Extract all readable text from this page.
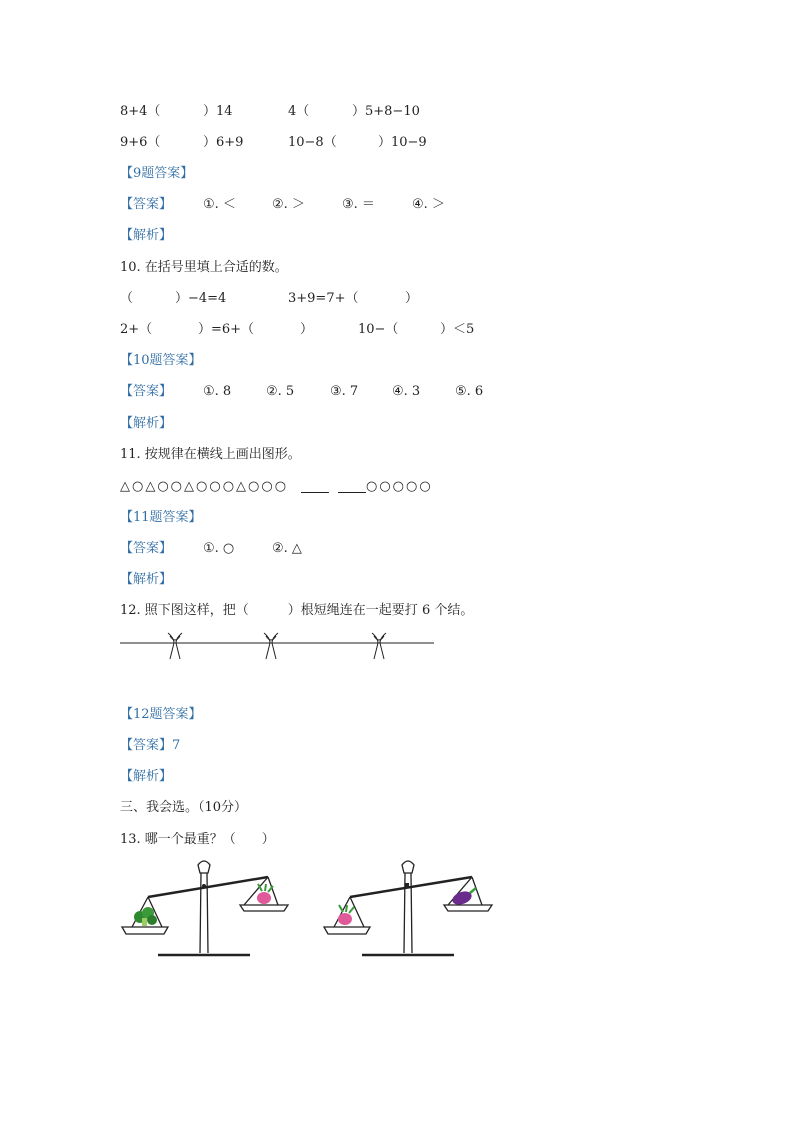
8+4（	）14	4（	）5+8−10
9+6（	）6+9	10−8（	）10−9
【9题答案】
【答案】 ①. ＜	②. ＞	③. ＝	④. ＞
【解析】
10. 在括号里填上合适的数。
（	）−4=4	3+9=7+（	）
2+（	）=6+（	）	10−（	）＜5
【10题答案】
【答案】 ①. 8	②. 5	③. 7	④. 3	⑤. 6
【解析】
11. 按规律在横线上画出图形。
△○△○○△○○○△○○○	○○○○○
【11题答案】
【答案】 ①. ○	②. △
【解析】
12. 照下图这样，把（　　　）根短绳连在一起要打 6 个结。
【12题答案】
【答案】7
【解析】
三、我会选。（10分）
13. 哪一个最重？（　　）
